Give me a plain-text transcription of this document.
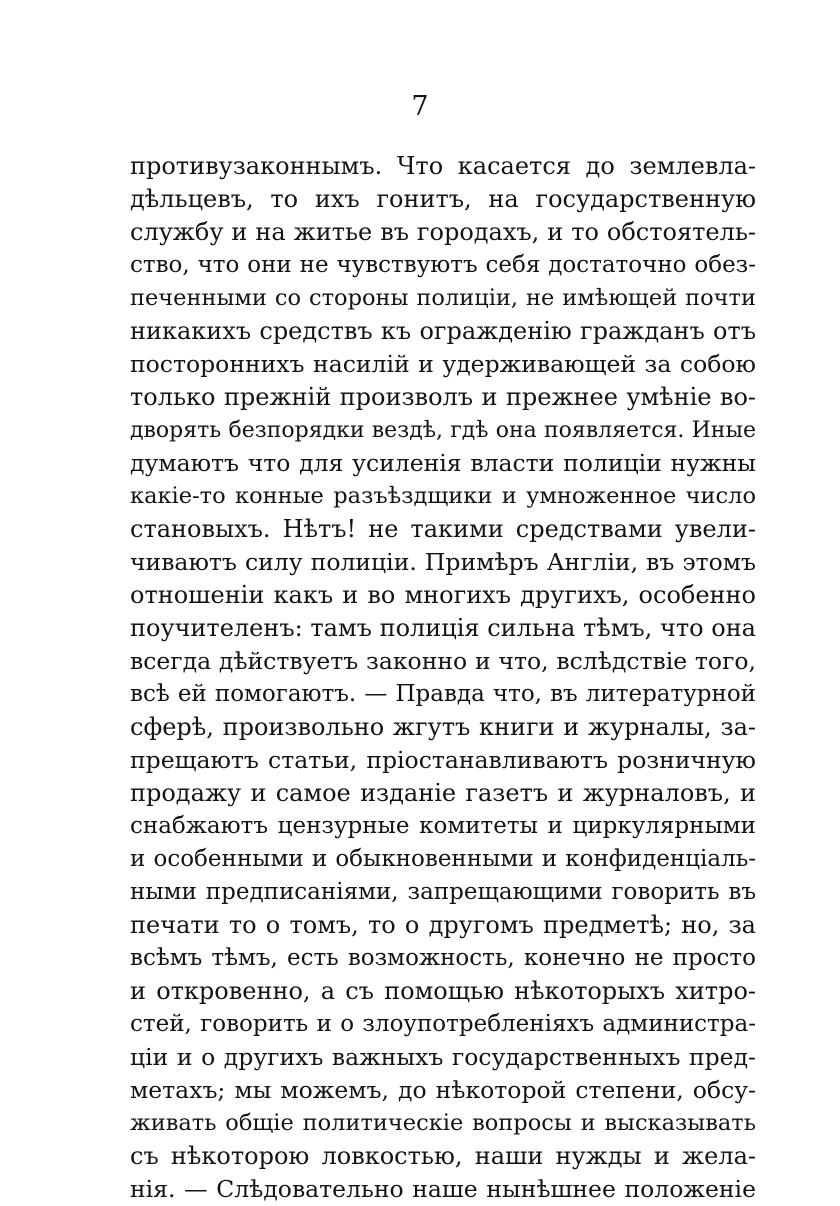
7
противузаконнымъ. Что касается до землевла-
дѣльцевъ, то ихъ гонитъ, на государственную
службу и на житье въ городахъ, и то обстоятель-
ство, что они не чувствуютъ себя достаточно обез-
печенными со стороны полиціи, не имѣющей почти
никакихъ средствъ къ огражденію гражданъ отъ
постороннихъ насилій и удерживающей за собою
только прежній произволъ и прежнее умѣніе во-
дворять безпорядки вездѣ, гдѣ она появляется. Иные
думаютъ что для усиленія власти полиціи нужны
какіе-то конные разъѣздщики и умноженное число
становыхъ. Нѣтъ! не такими средствами увели-
чиваютъ силу полиціи. Примѣръ Англіи, въ этомъ
отношеніи какъ и во многихъ другихъ, особенно
поучителенъ: тамъ полиція сильна тѣмъ, что она
всегда дѣйствуетъ законно и что, вслѣдствіе того,
всѣ ей помогаютъ. — Правда что, въ литературной
сферѣ, произвольно жгутъ книги и журналы, за-
прещаютъ статьи, пріостанавливаютъ розничную
продажу и самое изданіе газетъ и журналовъ, и
снабжаютъ цензурные комитеты и циркулярными
и особенными и обыкновенными и конфиденціаль-
ными предписаніями, запрещающими говорить въ
печати то о томъ, то о другомъ предметѣ; но, за
всѣмъ тѣмъ, есть возможность, конечно не просто
и откровенно, а съ помощью нѣкоторыхъ хитро-
стей, говорить и о злоупотребленіяхъ администра-
ціи и о другихъ важныхъ государственныхъ пред-
метахъ; мы можемъ, до нѣкоторой степени, обсу-
живать общіе политическіе вопросы и высказывать
съ нѣкоторою ловкостью, наши нужды и жела-
нія. — Слѣдовательно наше нынѣшнее положеніе
